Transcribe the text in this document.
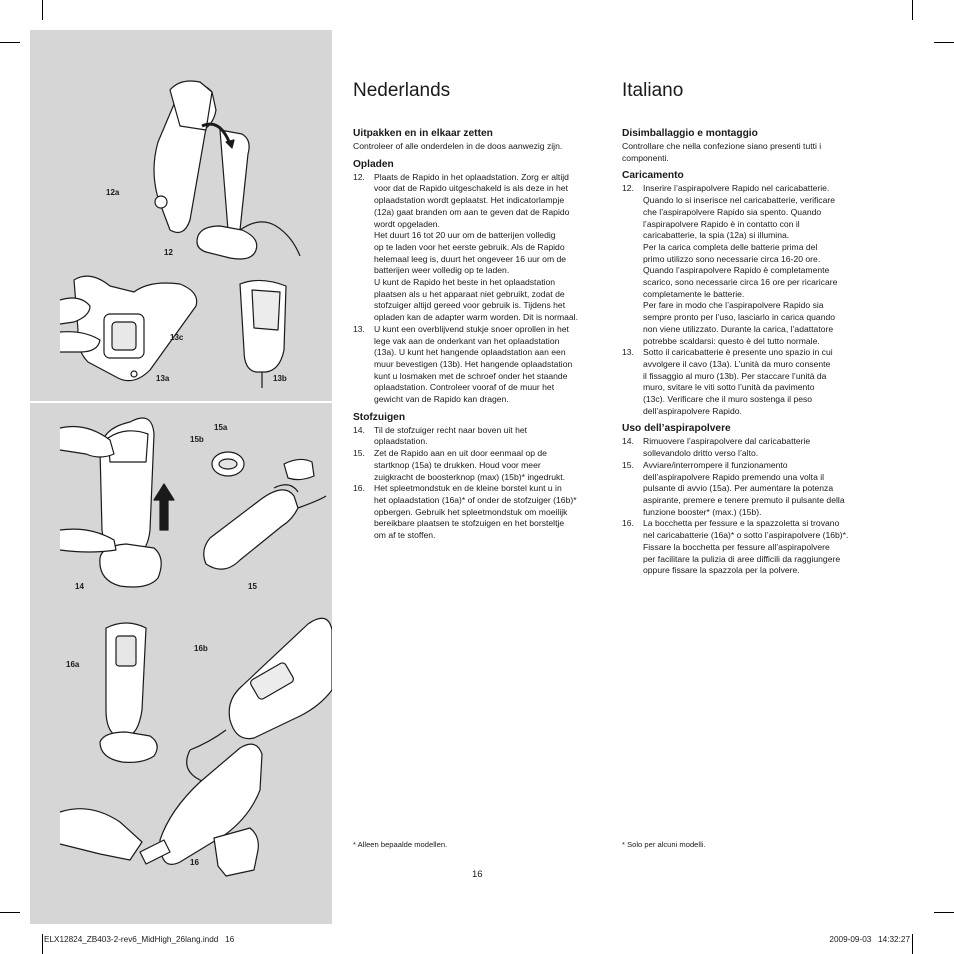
12a
12
13c
13a	13b
15a
15b
14	15
16b
16a
16
Nederlands
Uitpakken en in elkaar zetten

Controleer of alle onderdelen in de doos aanwezig zijn.

Opladen
12. Plaats de Rapido in het oplaadstation. Zorg er altijd
voor dat de Rapido uitgeschakeld is als deze in het
oplaadstation wordt geplaatst. Het indicatorlampje
(12a) gaat branden om aan te geven dat de Rapido
wordt opgeladen.
Het duurt 16 tot 20 uur om de batterijen volledig
op te laden voor het eerste gebruik. Als de Rapido
helemaal leeg is, duurt het ongeveer 16 uur om de
batterijen weer volledig op te laden.
U kunt de Rapido het beste in het oplaadstation
plaatsen als u het apparaat niet gebruikt, zodat de
stofzuiger altijd gereed voor gebruik is. Tijdens het
opladen kan de adapter warm worden. Dit is normaal.
13. U kunt een overblijvend stukje snoer oprollen in het
lege vak aan de onderkant van het oplaadstation
(13a). U kunt het hangende oplaadstation aan een
muur bevestigen (13b). Het hangende oplaadstation
kunt u losmaken met de schroef onder het staande
oplaadstation. Controleer vooraf of de muur het
gewicht van de Rapido kan dragen.
Stofzuigen
14. Til de stofzuiger recht naar boven uit het
oplaadstation.
15. Zet de Rapido aan en uit door eenmaal op de
startknop (15a) te drukken. Houd voor meer
zuigkracht de boosterknop (max) (15b)* ingedrukt.
16. Het spleetmondstuk en de kleine borstel kunt u in
het oplaadstation (16a)* of onder de stofzuiger (16b)*
opbergen. Gebruik het spleetmondstuk om moeilijk
bereikbare plaatsen te stofzuigen en het borsteltje
om af te stoffen.
Italiano
Disimballaggio e montaggio

Controllare che nella confezione siano presenti tutti i
componenti.

Caricamento
12. Inserire l’aspirapolvere Rapido nel caricabatterie.
Quando lo si inserisce nel caricabatterie, verificare
che l’aspirapolvere Rapido sia spento. Quando
l’aspirapolvere Rapido è in contatto con il
caricabatterie, la spia (12a) si illumina.
Per la carica completa delle batterie prima del
primo utilizzo sono necessarie circa 16-20 ore.
Quando l’aspirapolvere Rapido è completamente
scarico, sono necessarie circa 16 ore per ricaricare
completamente le batterie.
Per fare in modo che l’aspirapolvere Rapido sia
sempre pronto per l’uso, lasciarlo in carica quando
non viene utilizzato. Durante la carica, l’adattatore
potrebbe scaldarsi: questo è del tutto normale.
13. Sotto il caricabatterie è presente uno spazio in cui
avvolgere il cavo (13a). L’unità da muro consente
il fissaggio al muro (13b). Per staccare l’unità da
muro, svitare le viti sotto l’unità da pavimento
(13c). Verificare che il muro sostenga il peso
dell’aspirapolvere Rapido.
Uso dell’aspirapolvere
14. Rimuovere l’aspirapolvere dal caricabatterie
sollevandolo dritto verso l’alto.
15. Avviare/interrompere il funzionamento
dell’aspirapolvere Rapido premendo una volta il
pulsante di avvio (15a). Per aumentare la potenza
aspirante, premere e tenere premuto il pulsante della
funzione booster* (max.) (15b).
16. La bocchetta per fessure e la spazzoletta si trovano
nel caricabatterie (16a)* o sotto l’aspirapolvere (16b)*.
Fissare la bocchetta per fessure all’aspirapolvere
per facilitare la pulizia di aree difficili da raggiungere
oppure fissare la spazzola per la polvere.
* Alleen bepaalde modellen.	* Solo per alcuni modelli.
16
ELX12824_ZB403-2-rev6_MidHigh_26lang.indd   16	2009-09-03   14:32:27
